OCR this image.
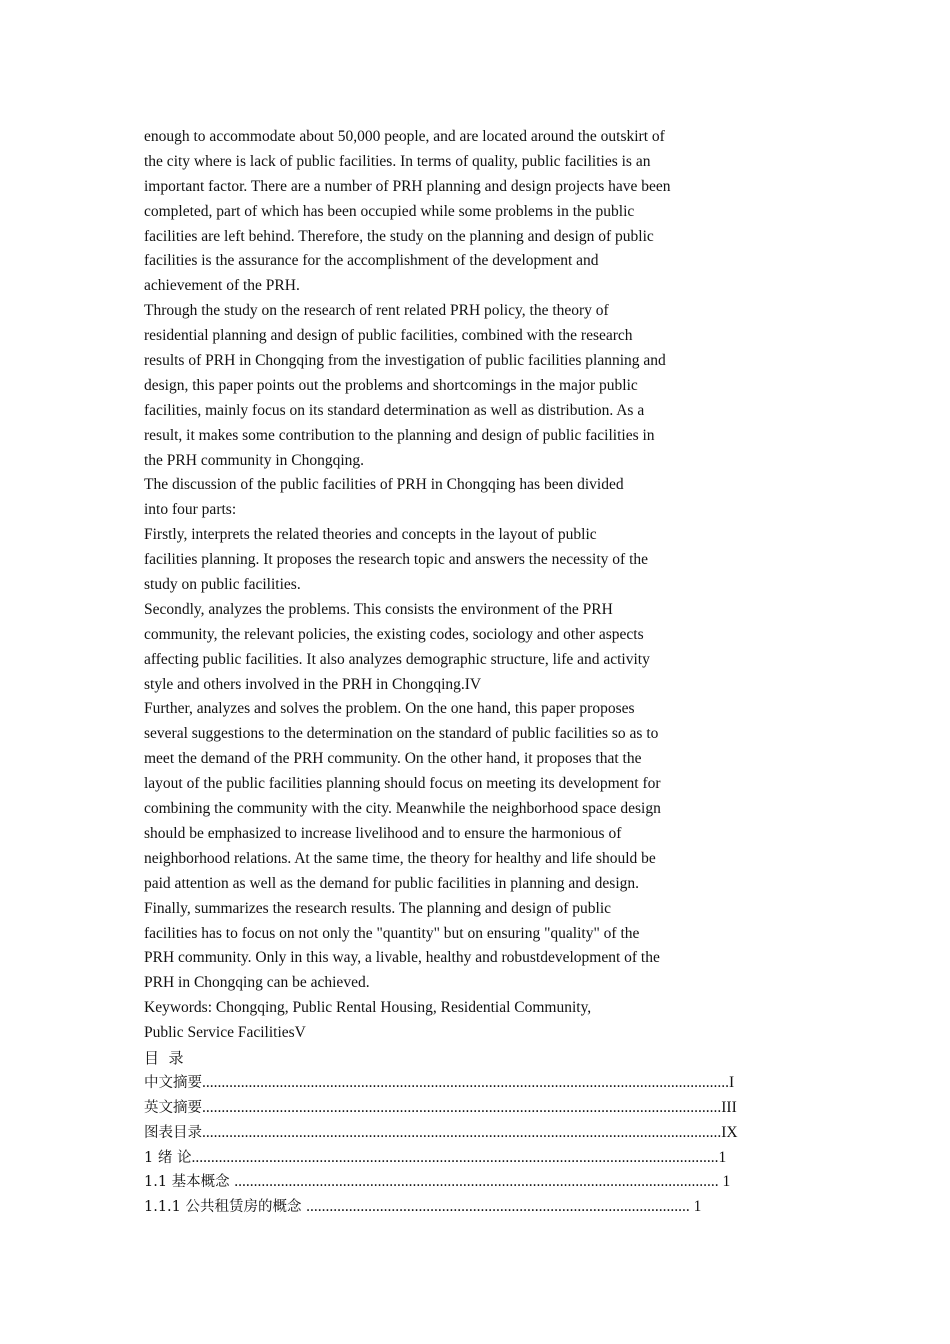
enough to accommodate about 50,000 people, and are located around the outskirt of
the city where is lack of public facilities. In terms of quality, public facilities is an
important factor. There are a number of PRH planning and design projects have been
completed, part of which has been occupied while some problems in the public
facilities are left behind. Therefore, the study on the planning and design of public
facilities is the assurance for the accomplishment of the development and
achievement of the PRH.
Through the study on the research of rent related PRH policy, the theory of
residential planning and design of public facilities, combined with the research
results of PRH in Chongqing from the investigation of public facilities planning and
design, this paper points out the problems and shortcomings in the major public
facilities, mainly focus on its standard determination as well as distribution. As a
result, it makes some contribution to the planning and design of public facilities in
the PRH community in Chongqing.
The discussion of the public facilities of PRH in Chongqing has been divided
into four parts:
Firstly, interprets the related theories and concepts in the layout of public
facilities planning. It proposes the research topic and answers the necessity of the
study on public facilities.
Secondly, analyzes the problems. This consists the environment of the PRH
community, the relevant policies, the existing codes, sociology and other aspects
affecting public facilities. It also analyzes demographic structure, life and activity
style and others involved in the PRH in Chongqing.IV
Further, analyzes and solves the problem. On the one hand, this paper proposes
several suggestions to the determination on the standard of public facilities so as to
meet the demand of the PRH community. On the other hand, it proposes that the
layout of the public facilities planning should focus on meeting its development for
combining the community with the city. Meanwhile the neighborhood space design
should be emphasized to increase livelihood and to ensure the harmonious of
neighborhood relations. At the same time, the theory for healthy and life should be
paid attention as well as the demand for public facilities in planning and design.
Finally, summarizes the research results. The planning and design of public
facilities has to focus on not only the "quantity" but on ensuring "quality" of the
PRH community. Only in this way, a livable, healthy and robustdevelopment of the
PRH in Chongqing can be achieved.
Keywords: Chongqing, Public Rental Housing, Residential Community,
Public Service FacilitiesV
目  录
中文摘要........................................................................................................................................I
英文摘要......................................................................................................................................III
图表目录......................................................................................................................................IX
1 绪 论........................................................................................................................................1
1.1 基本概念 ............................................................................................................................. 1
1.1.1 公共租赁房的概念 ................................................................................................... 1
